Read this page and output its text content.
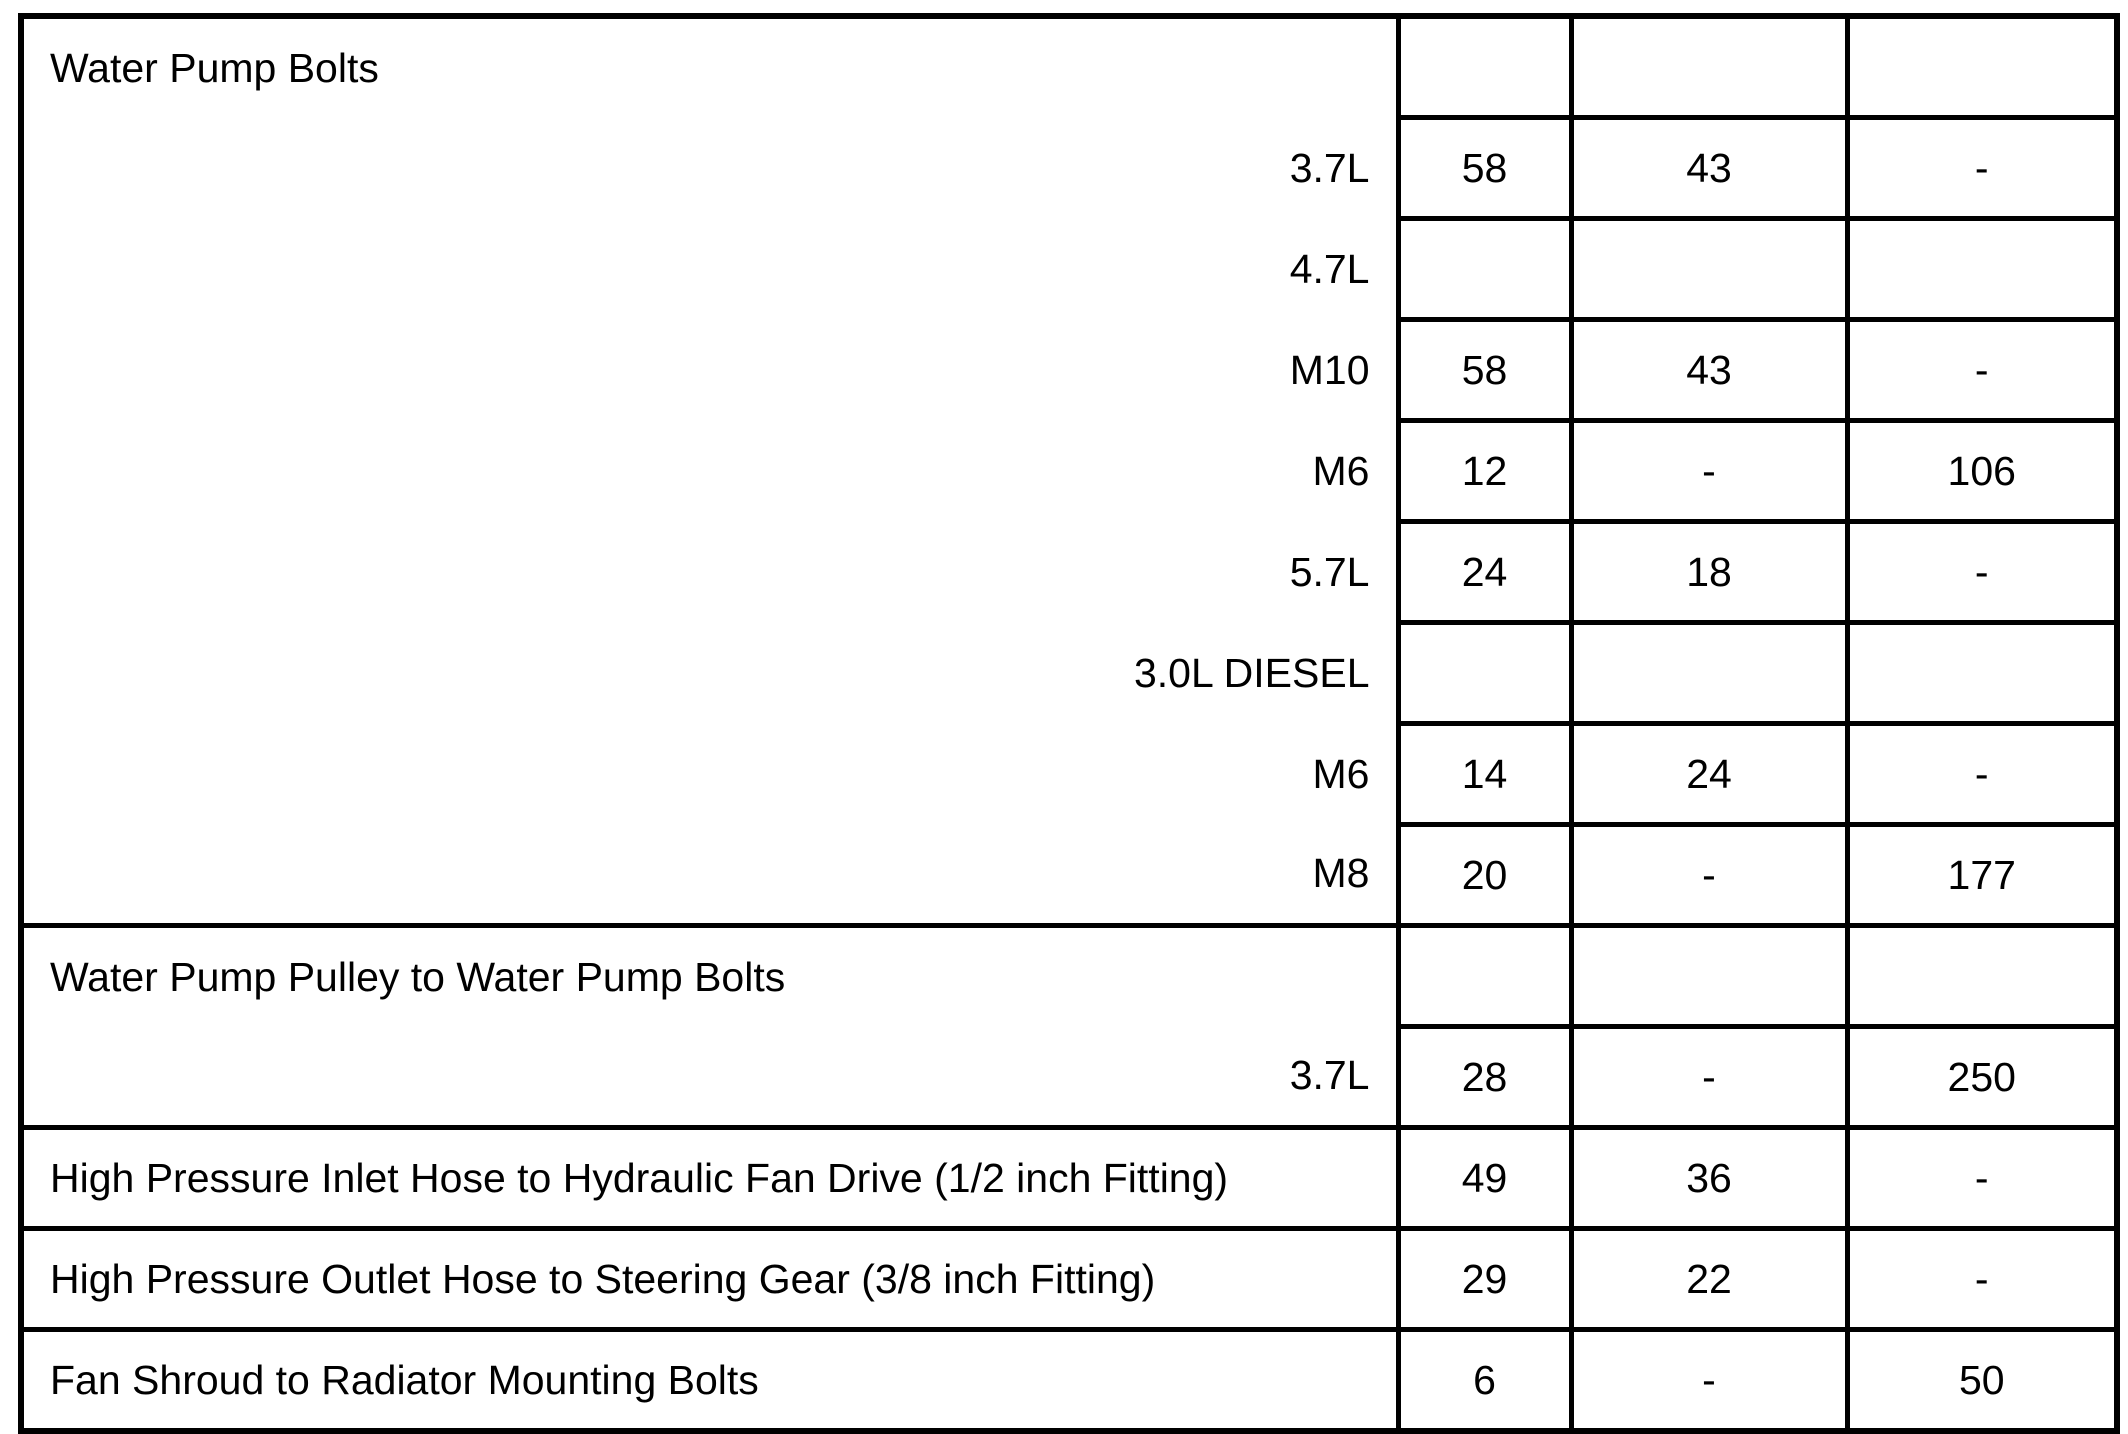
Water Pump Bolts			
3.7L	58	43	-
4.7L			
M10	58	43	-
M6	12	-	106
5.7L	24	18	-
3.0L DIESEL			
M6	14	24	-
M8	20	-	177
Water Pump Pulley to Water Pump Bolts			
3.7L	28	-	250
High Pressure Inlet Hose to Hydraulic Fan Drive (1/2 inch Fitting)	49	36	-
High Pressure Outlet Hose to Steering Gear (3/8 inch Fitting)	29	22	-
Fan Shroud to Radiator Mounting Bolts	6	-	50
